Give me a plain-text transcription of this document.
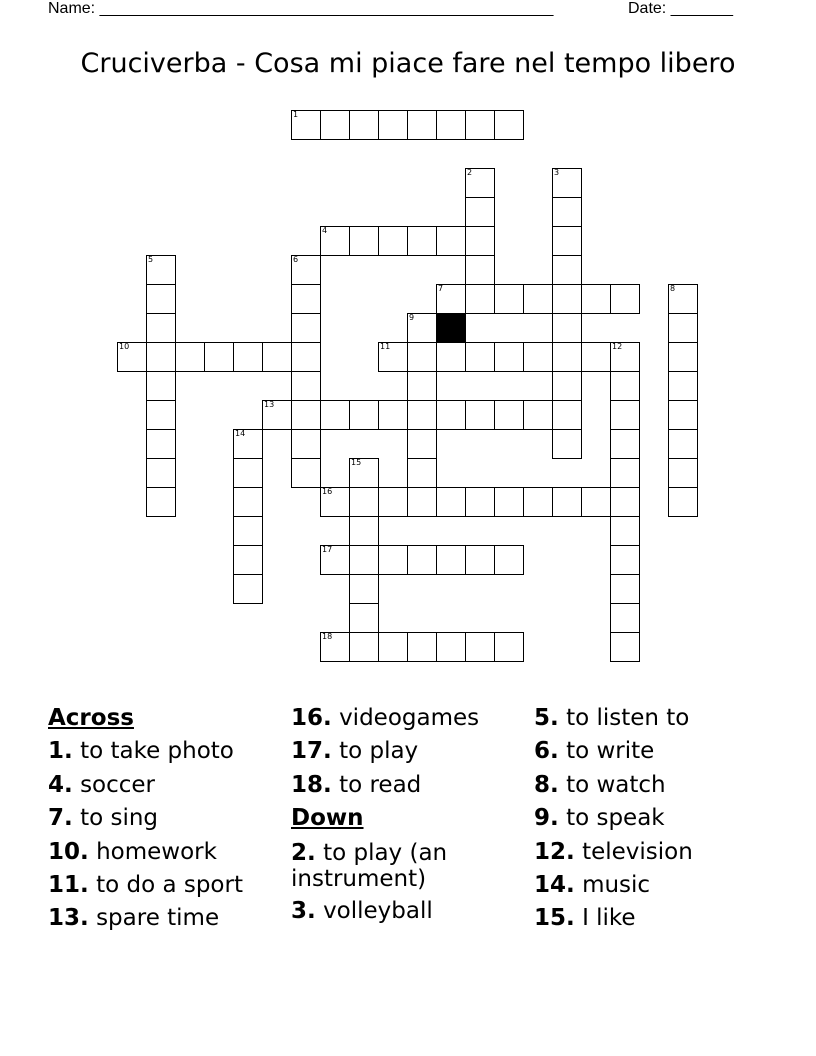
Name: ___________________________________________________	Date: _______
Cruciverba - Cosa mi piace fare nel tempo libero
1
4
7
10	11
13
16
17
18
2	3
5	6
8
9
12
14
15
Across
1. to take photo
4. soccer
7. to sing
10. homework
11. to do a sport
13. spare time
16. videogames
17. to play
18. to read
Down
2. to play (an instrument)
3. volleyball
5. to listen to
6. to write
8. to watch
9. to speak
12. television
14. music
15. I like
